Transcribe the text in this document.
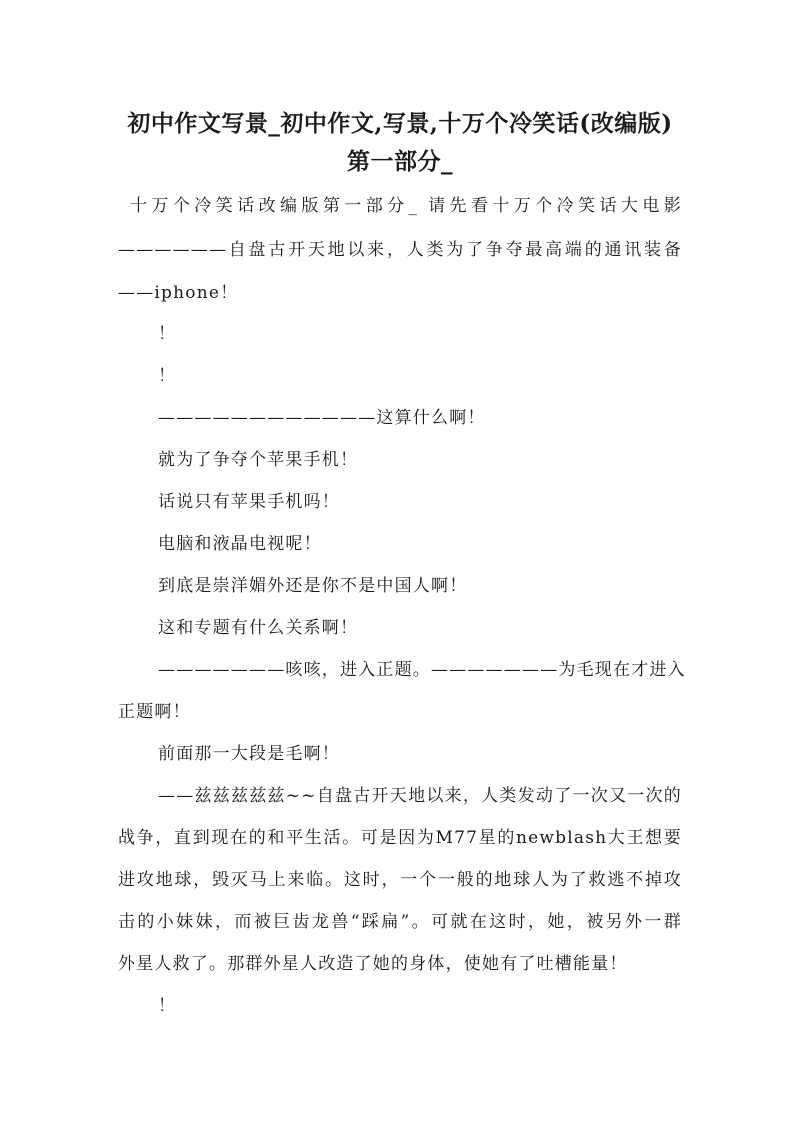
初中作文写景_初中作文,写景,十万个冷笑话(改编版)
第一部分_
十万个冷笑话改编版第一部分_ 请先看十万个冷笑话大电影
——————自盘古开天地以来，人类为了争夺最高端的通讯装备
——iphone！
！
！
————————————这算什么啊！
就为了争夺个苹果手机！
话说只有苹果手机吗！
电脑和液晶电视呢！
到底是崇洋媚外还是你不是中国人啊！
这和专题有什么关系啊！
———————咳咳，进入正题。———————为毛现在才进入
正题啊！
前面那一大段是毛啊！
——兹兹兹兹兹~~自盘古开天地以来，人类发动了一次又一次的
战争，直到现在的和平生活。可是因为M77星的newblash大王想要
进攻地球，毁灭马上来临。这时，一个一般的地球人为了救逃不掉攻
击的小妹妹，而被巨齿龙兽“踩扁”。可就在这时，她，被另外一群
外星人救了。那群外星人改造了她的身体，使她有了吐槽能量！
！
